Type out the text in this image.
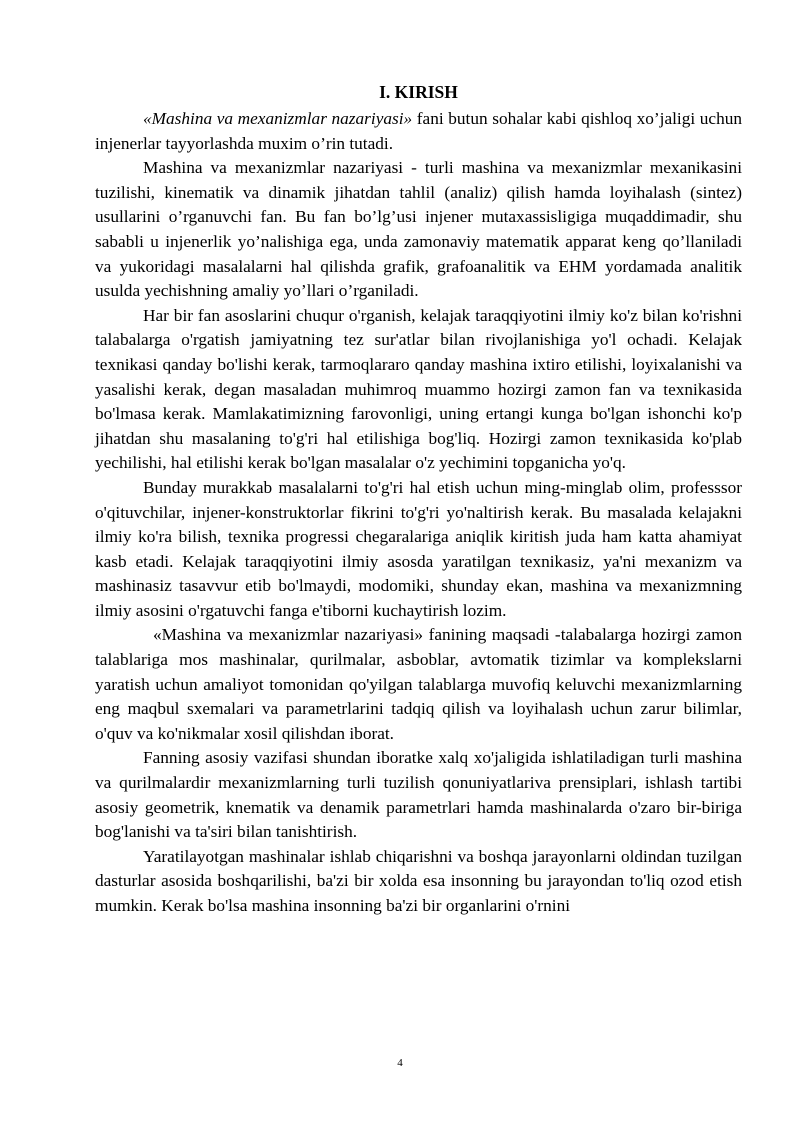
I. KIRISH

«Mashina va mexanizmlar nazariyasi» fani butun sohalar kabi qishloq xo’jaligi uchun injenerlar tayyorlashda muxim o’rin tutadi.

Mashina va mexanizmlar nazariyasi - turli mashina va mexanizmlar mexanikasini tuzilishi, kinematik va dinamik jihatdan tahlil (analiz) qilish hamda loyihalash (sintez) usullarini o’rganuvchi fan. Bu fan bo’lg’usi injener mutaxassisligiga muqaddimadir, shu sababli u injenerlik yo’nalishiga ega, unda zamonaviy matematik apparat keng qo’llaniladi va yukoridagi masalalarni hal qilishda grafik, grafoanalitik va EHM yordamada analitik usulda yechishning amaliy yo’llari o’rganiladi.

Har bir fan asoslarini chuqur o'rganish, kelajak taraqqiyotini ilmiy ko'z bilan ko'rishni talabalarga o'rgatish jamiyatning tez sur'atlar bilan rivojlanishiga yo'l ochadi. Kelajak texnikasi qanday bo'lishi kerak, tarmoqlararo qanday mashina ixtiro etilishi, loyixalanishi va yasalishi kerak, degan masaladan muhimroq muammo hozirgi zamon fan va texnikasida bo'lmasa kerak. Mamlakatimizning farovonligi, uning ertangi kunga bo'lgan ishonchi ko'p jihatdan shu masalaning to'g'ri hal etilishiga bog'liq. Hozirgi zamon texnikasida ko'plab yechilishi, hal etilishi kerak bo'lgan masalalar o'z yechimini topganicha yo'q.

Bunday murakkab masalalarni to'g'ri hal etish uchun ming-minglab olim, professsor o'qituvchilar, injener-konstruktorlar fikrini to'g'ri yo'naltirish kerak. Bu masalada kelajakni ilmiy ko'ra bilish, texnika progressi chegaralariga aniqlik kiritish juda ham katta ahamiyat kasb etadi. Kelajak taraqqiyotini ilmiy asosda yaratilgan texnikasiz, ya'ni mexanizm va mashinasiz tasavvur etib bo'lmaydi, modomiki, shunday ekan, mashina va mexanizmning ilmiy asosini o'rgatuvchi fanga e'tiborni kuchaytirish lozim.

«Mashina va mexanizmlar nazariyasi» fanining maqsadi -talabalarga hozirgi zamon talablariga mos mashinalar, qurilmalar, asboblar, avtomatik tizimlar va komplekslarni yaratish uchun amaliyot tomonidan qo'yilgan talablarga muvofiq keluvchi mexanizmlarning eng maqbul sxemalari va parametrlarini tadqiq qilish va loyihalash uchun zarur bilimlar, o'quv va ko'nikmalar xosil qilishdan iborat.

Fanning asosiy vazifasi shundan iboratke xalq xo'jaligida ishlatiladigan turli mashina va qurilmalardir mexanizmlarning turli tuzilish qonuniyatlariva prensiplari, ishlash tartibi asosiy geometrik, knematik va denamik parametrlari hamda mashinalarda o'zaro bir-biriga bog'lanishi va ta'siri bilan tanishtirish.

Yaratilayotgan mashinalar ishlab chiqarishni va boshqa jarayonlarni oldindan tuzilgan dasturlar asosida boshqarilishi, ba'zi bir xolda esa insonning bu jarayondan to'liq ozod etish mumkin. Kerak bo'lsa mashina insonning ba'zi bir organlarini o'rnini

4
